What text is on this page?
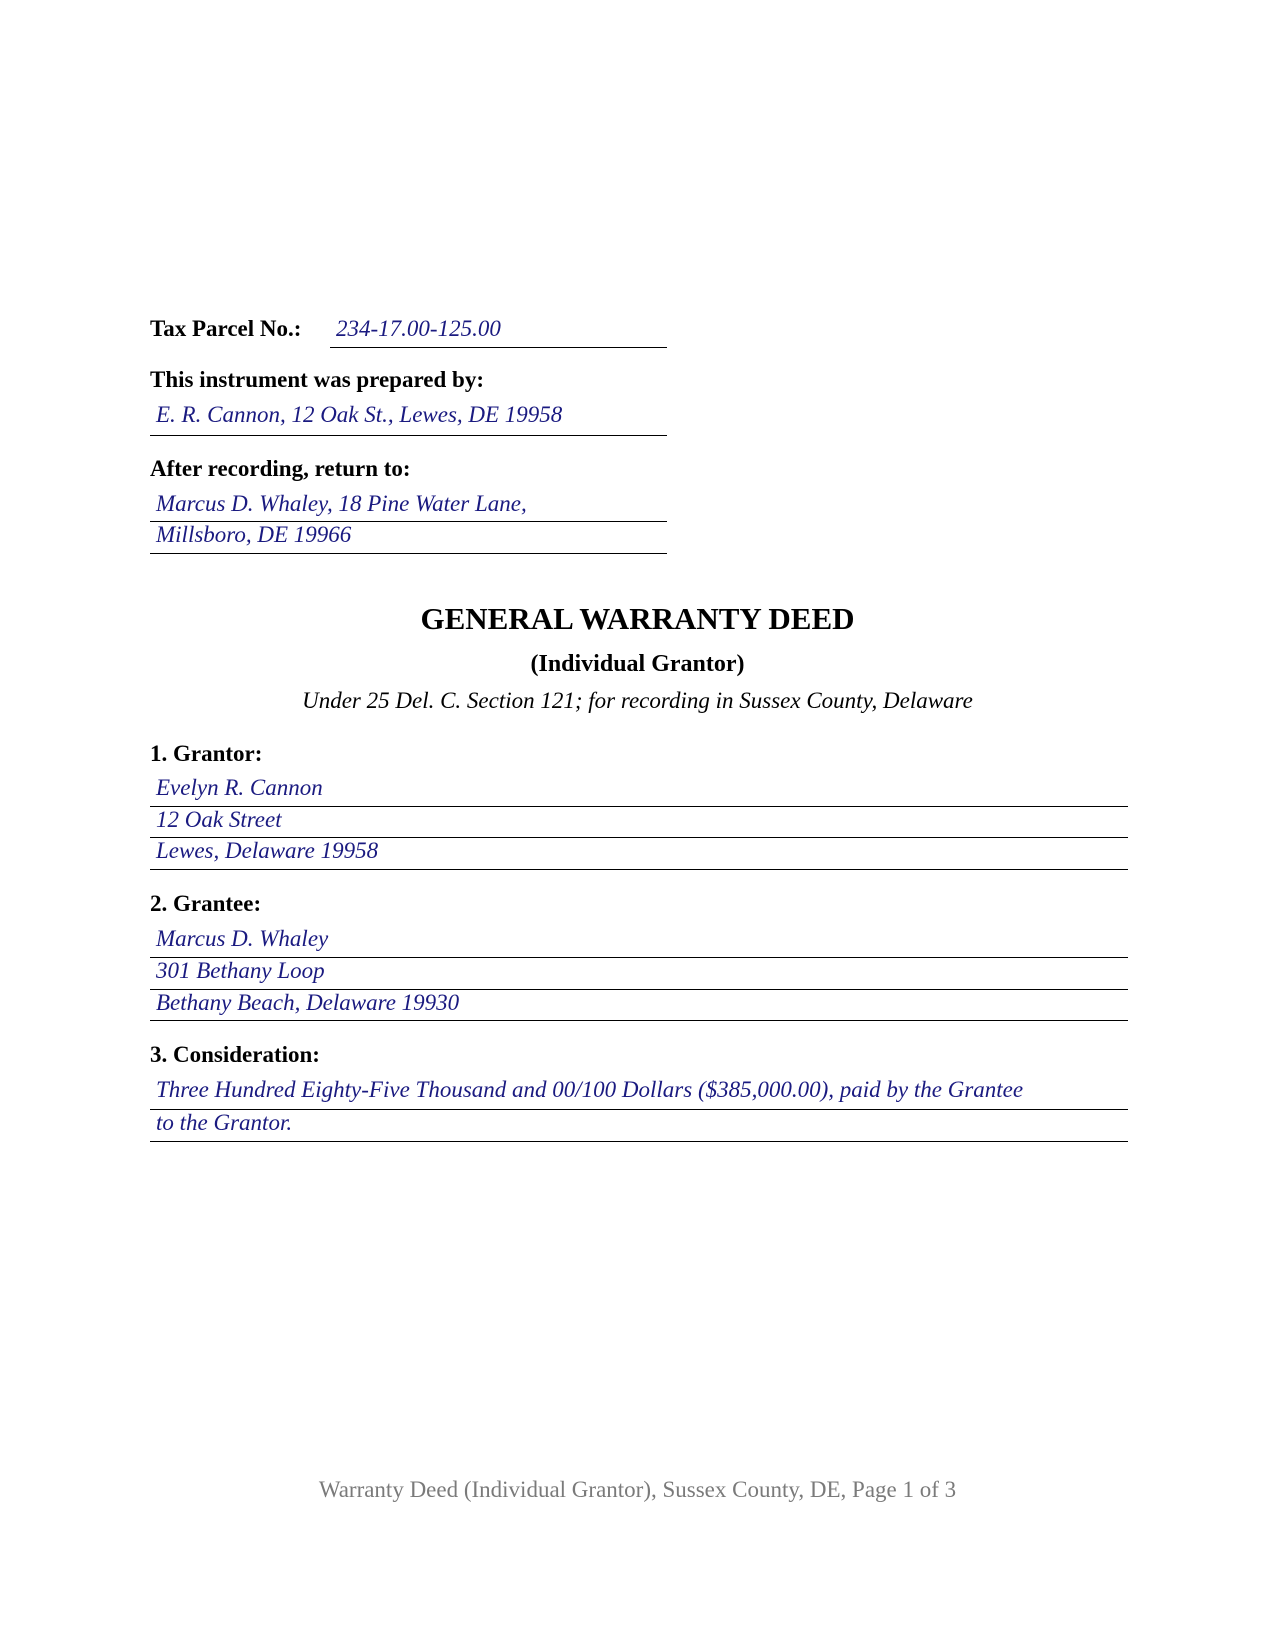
Tax Parcel No.: 234-17.00-125.00
This instrument was prepared by:
E. R. Cannon, 12 Oak St., Lewes, DE 19958
After recording, return to:
Marcus D. Whaley, 18 Pine Water Lane,
Millsboro, DE 19966
GENERAL WARRANTY DEED
(Individual Grantor)
Under 25 Del. C. Section 121; for recording in Sussex County, Delaware
1. Grantor:
Evelyn R. Cannon
12 Oak Street
Lewes, Delaware 19958
2. Grantee:
Marcus D. Whaley
301 Bethany Loop
Bethany Beach, Delaware 19930
3. Consideration:
Three Hundred Eighty-Five Thousand and 00/100 Dollars ($385,000.00), paid by the Grantee
to the Grantor.
Warranty Deed (Individual Grantor), Sussex County, DE, Page 1 of 3
